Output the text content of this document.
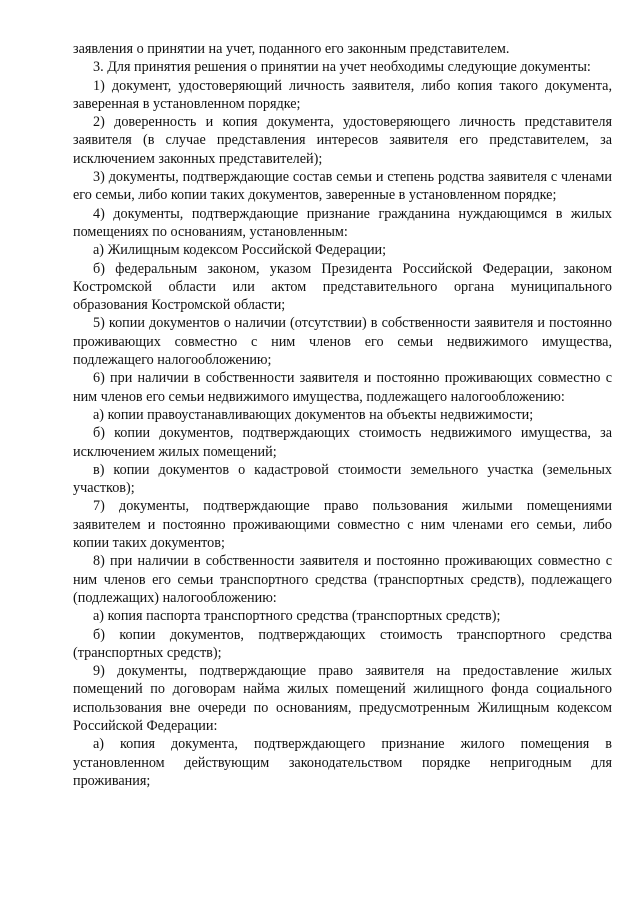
заявления о принятии на учет, поданного его законным представителем.

3. Для принятия решения о принятии на учет необходимы следующие документы:

1) документ, удостоверяющий личность заявителя, либо копия такого документа, заверенная в установленном порядке;

2) доверенность и копия документа, удостоверяющего личность представителя заявителя (в случае представления интересов заявителя его представителем, за исключением законных представителей);

3) документы, подтверждающие состав семьи и степень родства заявителя с членами его семьи, либо копии таких документов, заверенные в установленном порядке;

4) документы, подтверждающие признание гражданина нуждающимся в жилых помещениях по основаниям, установленным:

а) Жилищным кодексом Российской Федерации;

б) федеральным законом, указом Президента Российской Федерации, законом Костромской области или актом представительного органа муниципального образования Костромской области;

5) копии документов о наличии (отсутствии) в собственности заявителя и постоянно проживающих совместно с ним членов его семьи недвижимого имущества, подлежащего налогообложению;

6) при наличии в собственности заявителя и постоянно проживающих совместно с ним членов его семьи недвижимого имущества, подлежащего налогообложению:

а) копии правоустанавливающих документов на объекты недвижимости;

б) копии документов, подтверждающих стоимость недвижимого имущества, за исключением жилых помещений;

в) копии документов о кадастровой стоимости земельного участка (земельных участков);

7) документы, подтверждающие право пользования жилыми помещениями заявителем и постоянно проживающими совместно с ним членами его семьи, либо копии таких документов;

8) при наличии в собственности заявителя и постоянно проживающих совместно с ним членов его семьи транспортного средства (транспортных средств), подлежащего (подлежащих) налогообложению:

а) копия паспорта транспортного средства (транспортных средств);

б) копии документов, подтверждающих стоимость транспортного средства (транспортных средств);

9) документы, подтверждающие право заявителя на предоставление жилых помещений по договорам найма жилых помещений жилищного фонда социального использования вне очереди по основаниям, предусмотренным Жилищным кодексом Российской Федерации:

а) копия документа, подтверждающего признание жилого помещения в установленном действующим законодательством порядке непригодным для проживания;
